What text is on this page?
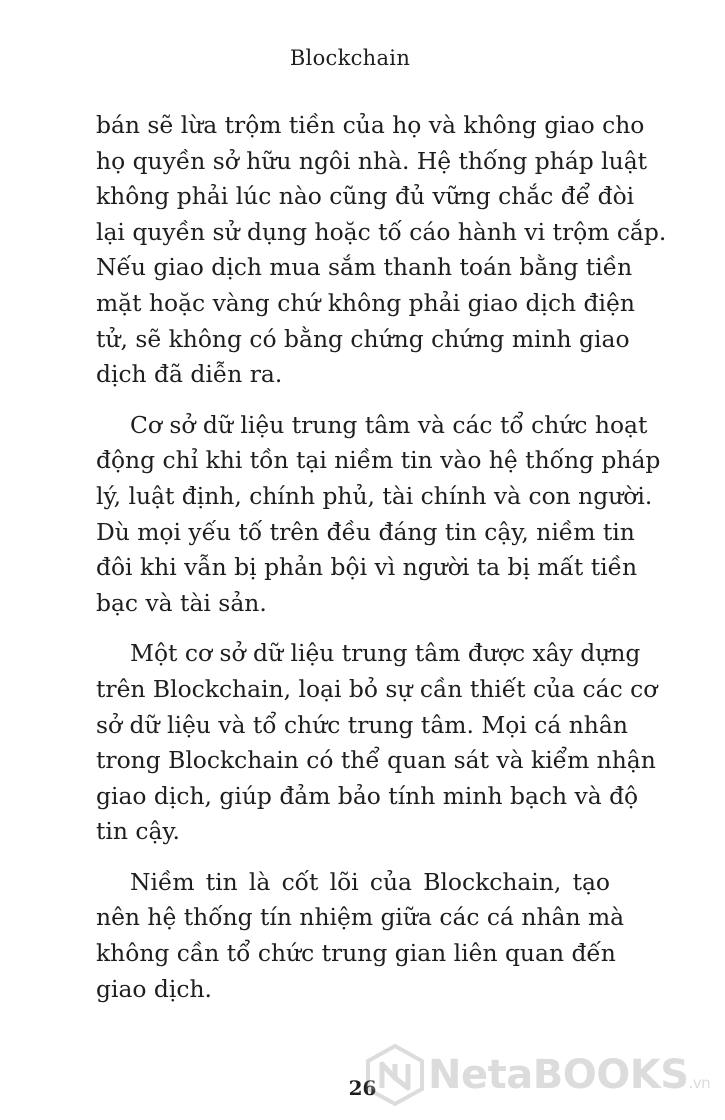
Blockchain

bán sẽ lừa trộm tiền của họ và không giao cho
họ quyền sở hữu ngôi nhà. Hệ thống pháp luật
không phải lúc nào cũng đủ vững chắc để đòi
lại quyền sử dụng hoặc tố cáo hành vi trộm cắp.
Nếu giao dịch mua sắm thanh toán bằng tiền
mặt hoặc vàng chứ không phải giao dịch điện
tử, sẽ không có bằng chứng chứng minh giao
dịch đã diễn ra.

Cơ sở dữ liệu trung tâm và các tổ chức hoạt
động chỉ khi tồn tại niềm tin vào hệ thống pháp
lý, luật định, chính phủ, tài chính và con người.
Dù mọi yếu tố trên đều đáng tin cậy, niềm tin
đôi khi vẫn bị phản bội vì người ta bị mất tiền
bạc và tài sản.

Một cơ sở dữ liệu trung tâm được xây dựng
trên Blockchain, loại bỏ sự cần thiết của các cơ
sở dữ liệu và tổ chức trung tâm. Mọi cá nhân
trong Blockchain có thể quan sát và kiểm nhận
giao dịch, giúp đảm bảo tính minh bạch và độ
tin cậy.

Niềm tin là cốt lõi của Blockchain, tạo
nên hệ thống tín nhiệm giữa các cá nhân mà
không cần tổ chức trung gian liên quan đến
giao dịch.

26	NetaBOOKS.vn
